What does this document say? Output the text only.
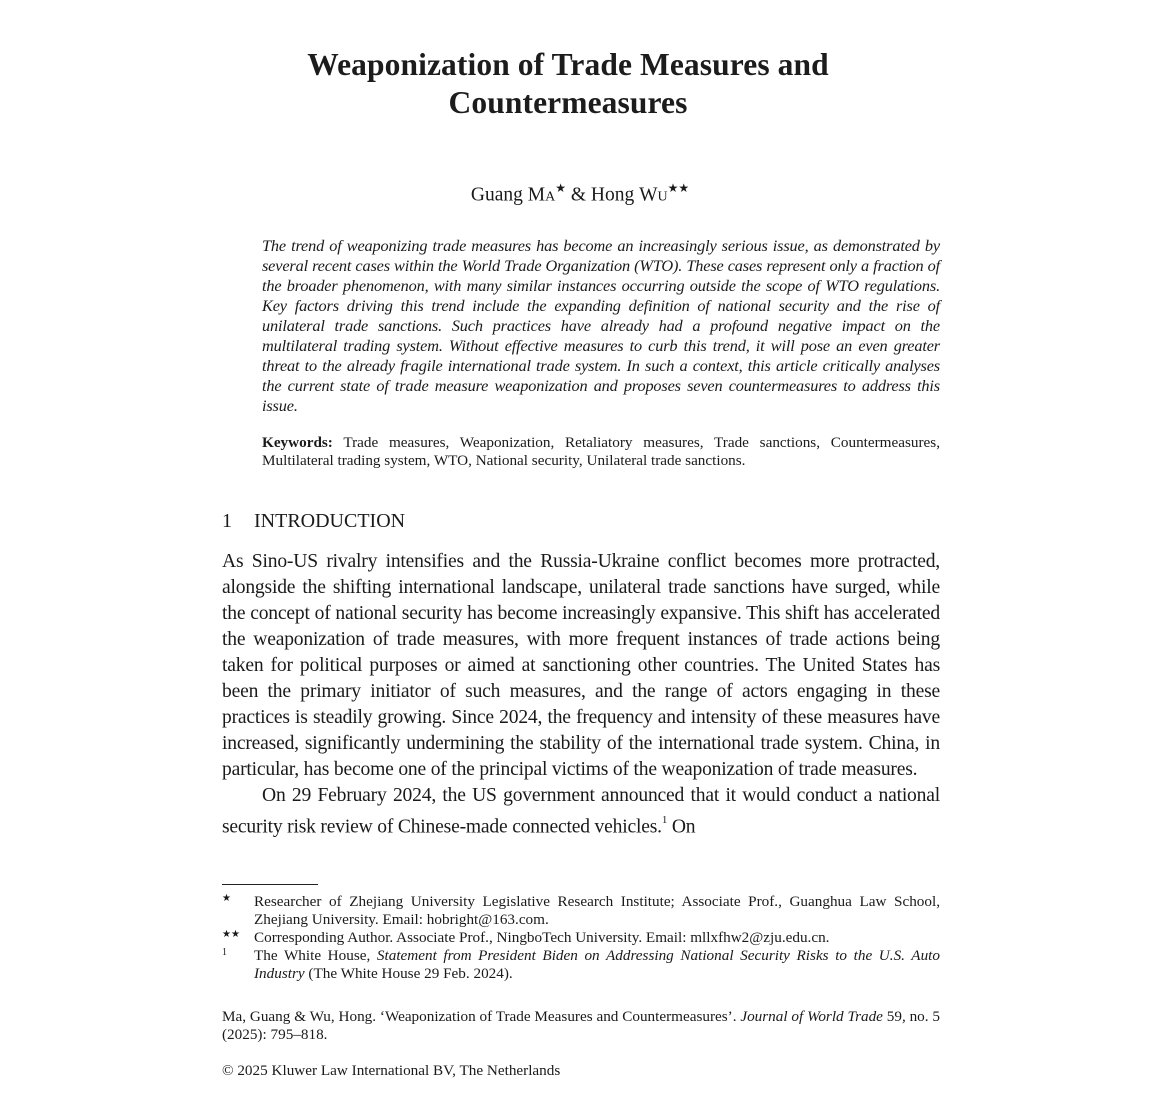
Weaponization of Trade Measures and
Countermeasures
Guang Ma★ & Hong Wu★★
The trend of weaponizing trade measures has become an increasingly serious issue, as demonstrated by several recent cases within the World Trade Organization (WTO). These cases represent only a fraction of the broader phenomenon, with many similar instances occurring outside the scope of WTO regulations. Key factors driving this trend include the expanding definition of national security and the rise of unilateral trade sanctions. Such practices have already had a profound negative impact on the multilateral trading system. Without effective measures to curb this trend, it will pose an even greater threat to the already fragile international trade system. In such a context, this article critically analyses the current state of trade measure weaponization and proposes seven countermeasures to address this issue.
Keywords: Trade measures, Weaponization, Retaliatory measures, Trade sanctions, Countermeasures, Multilateral trading system, WTO, National security, Unilateral trade sanctions.
1 INTRODUCTION

As Sino-US rivalry intensifies and the Russia-Ukraine conflict becomes more protracted, alongside the shifting international landscape, unilateral trade sanctions have surged, while the concept of national security has become increasingly expansive. This shift has accelerated the weaponization of trade measures, with more frequent instances of trade actions being taken for political purposes or aimed at sanctioning other countries. The United States has been the primary initiator of such measures, and the range of actors engaging in these practices is steadily growing. Since 2024, the frequency and intensity of these measures have increased, significantly undermining the stability of the international trade system. China, in particular, has become one of the principal victims of the weaponization of trade measures.

On 29 February 2024, the US government announced that it would conduct a national security risk review of Chinese-made connected vehicles.$^1$ On

★ Researcher of Zhejiang University Legislative Research Institute; Associate Prof., Guanghua Law School, Zhejiang University. Email: hobright@163.com.
★★ Corresponding Author. Associate Prof., NingboTech University. Email: mllxfhw2@zju.edu.cn.
1 The White House, Statement from President Biden on Addressing National Security Risks to the U.S. Auto Industry (The White House 29 Feb. 2024).
Ma, Guang & Wu, Hong. ‘Weaponization of Trade Measures and Countermeasures’. Journal of World Trade 59, no. 5 (2025): 795–818.
© 2025 Kluwer Law International BV, The Netherlands
